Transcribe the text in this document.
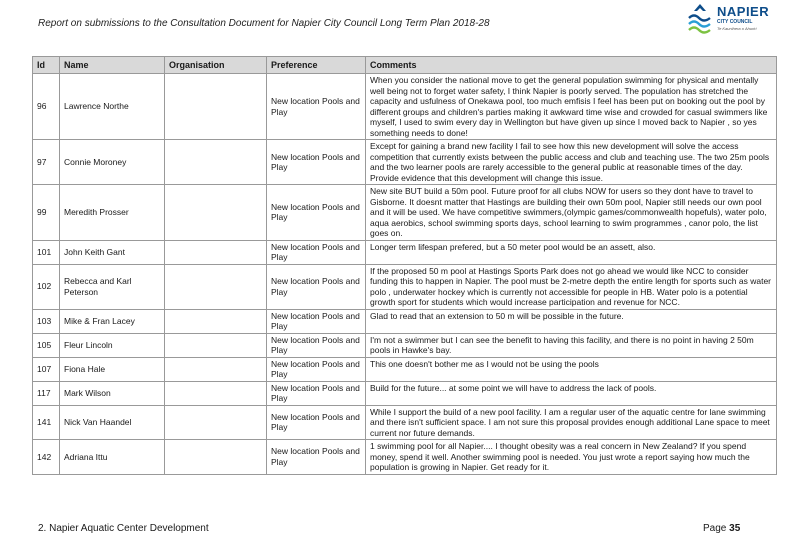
Report on submissions to the Consultation Document for Napier City Council Long Term Plan 2018-28
NAPIER
CITY COUNCIL
Te Kaunihera o Ahuriri
Id	Name	Organisation	Preference	Comments
96	Lawrence Northe		New location Pools and Play	When you consider the national move to get the general population swimming for physical and mentally well being not to forget water safety, I think Napier is poorly served. The population has stretched the capacity and usfulness of Onekawa pool, too much emfisis I feel has been put on booking out the pool by different groups and children's parties making it awkward time wise and crowded for casual swimmers like myself, I used to swim every day in Wellington but have given up since I moved back to Napier , so yes something needs to done!
97	Connie Moroney		New location Pools and Play	Except for gaining a brand new facility I fail to see how this new development will solve the access competition that currently exists between the public access and club and teaching use. The two 25m pools and the two learner pools are rarely accessible to the general public at reasonable times of the day. Provide evidence that this development will change this issue.
99	Meredith Prosser		New location Pools and Play	New site BUT build a 50m pool. Future proof for all clubs NOW for users so they dont have to travel to Gisborne. It doesnt matter that Hastings are building their own 50m pool, Napier still needs our own pool and it will be used. We have competitive swimmers,(olympic games/commonwealth hopefuls), water polo, aqua aerobics, school swimming sports days, school learning to swim programmes , canor polo, the list goes on.
101	John Keith Gant		New location Pools and Play	Longer term lifespan prefered, but a 50 meter pool would be an assett, also.
102	Rebecca and Karl Peterson		New location Pools and Play	If the proposed 50 m pool at Hastings Sports Park does not go ahead we would like NCC to consider funding this to happen in Napier. The pool must be 2-metre depth the entire length for sports such as water polo , underwater hockey which is currently not accessible for people in HB. Water polo is a potential growth sport for students which would increase participation and revenue for NCC.
103	Mike & Fran Lacey		New location Pools and Play	Glad to read that an extension to 50 m will be possible in the future.
105	Fleur Lincoln		New location Pools and Play	I'm not a swimmer but I can see the benefit to having this facility, and there is no point in having 2 50m pools in Hawke's bay.
107	Fiona Hale		New location Pools and Play	This one doesn't bother me as I would not be using the pools
117	Mark Wilson		New location Pools and Play	Build for the future... at some point we will have to address the lack of pools.
141	Nick Van Haandel		New location Pools and Play	While I support the build of a new pool facility. I am a regular user of the aquatic centre for lane swimming and there isn't sufficient space. I am not sure this proposal provides enough additional Lane space to meet current nor future demands.
142	Adriana Ittu		New location Pools and Play	1 swimming pool for all Napier.... I thought obesity was a real concern in New Zealand? If you spend money, spend it well. Another swimming pool is needed. You just wrote a report saying how much the population is growing in Napier. Get ready for it.
2. Napier Aquatic Center Development	Page 35
